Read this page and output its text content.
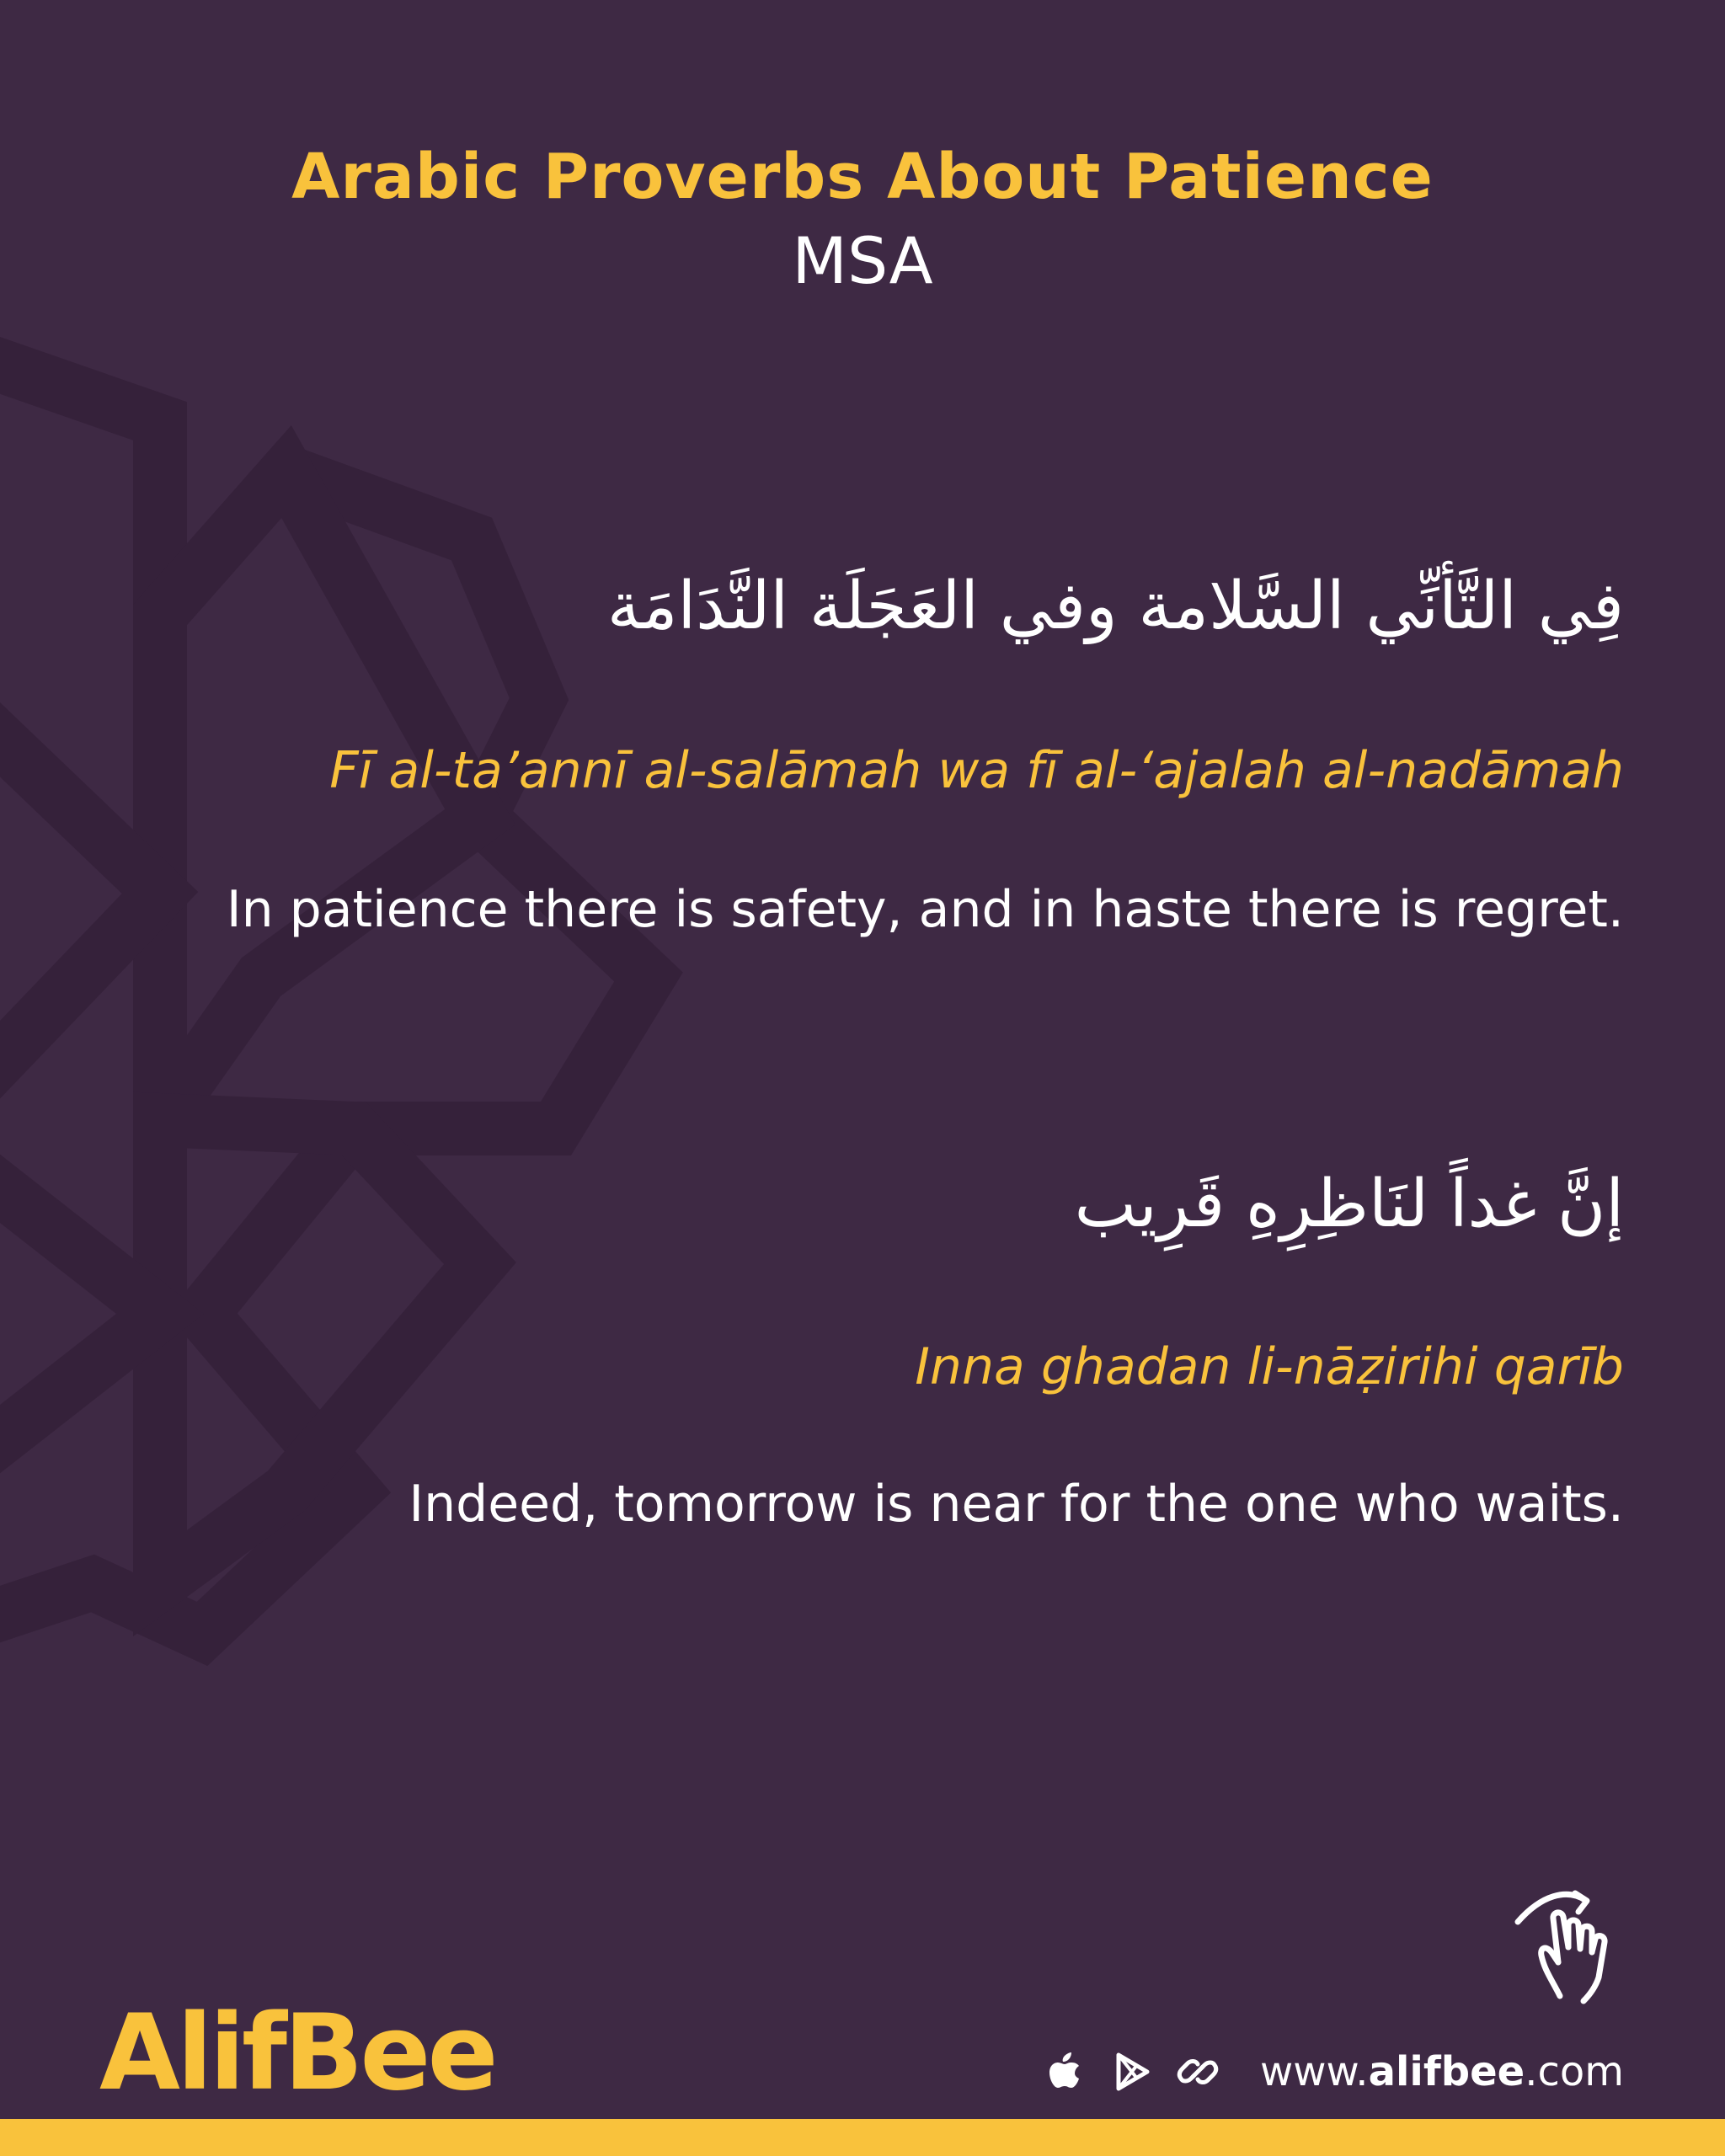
Arabic Proverbs About Patience
MSA
فِي التَّأنِّي السَّلامة وفي العَجَلَة النَّدَامَة
Fī al-ta’annī al-salāmah wa fī al-‘ajalah al-nadāmah
In patience there is safety, and in haste there is regret.
إنَّ غداً لنَاظِرِهِ قَرِيب
Inna ghadan li-nāẓirihi qarīb
Indeed, tomorrow is near for the one who waits.
AlifBee	www.alifbee.com
